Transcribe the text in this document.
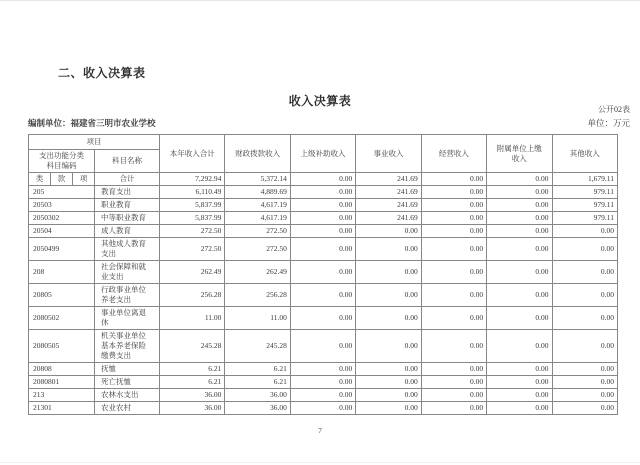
二、收入决算表
收入决算表
公开02表
编制单位：福建省三明市农业学校	单位：万元
项目				本年收入合计	财政拨款收入	上级补助收入	事业收入	经营收入	附属单位上缴收入	其他收入
支出功能分类科目编码			科目名称							
类	款	项	合计	7,292.94	5,372.14	0.00	241.69	0.00	0.00	1,679.11
205			教育支出	6,110.49	4,889.69	0.00	241.69	0.00	0.00	979.11
20503			职业教育	5,837.99	4,617.19	0.00	241.69	0.00	0.00	979.11
2050302			中等职业教育	5,837.99	4,617.19	0.00	241.69	0.00	0.00	979.11
20504			成人教育	272.50	272.50	0.00	0.00	0.00	0.00	0.00
2050499			其他成人教育支出	272.50	272.50	0.00	0.00	0.00	0.00	0.00
208			社会保障和就业支出	262.49	262.49	0.00	0.00	0.00	0.00	0.00
20805			行政事业单位养老支出	256.28	256.28	0.00	0.00	0.00	0.00	0.00
2080502			事业单位离退休	11.00	11.00	0.00	0.00	0.00	0.00	0.00
2080505			机关事业单位基本养老保险缴费支出	245.28	245.28	0.00	0.00	0.00	0.00	0.00
20808			抚恤	6.21	6.21	0.00	0.00	0.00	0.00	0.00
2080801			死亡抚恤	6.21	6.21	0.00	0.00	0.00	0.00	0.00
213			农林水支出	36.00	36.00	0.00	0.00	0.00	0.00	0.00
21301			农业农村	36.00	36.00	0.00	0.00	0.00	0.00	0.00
7
